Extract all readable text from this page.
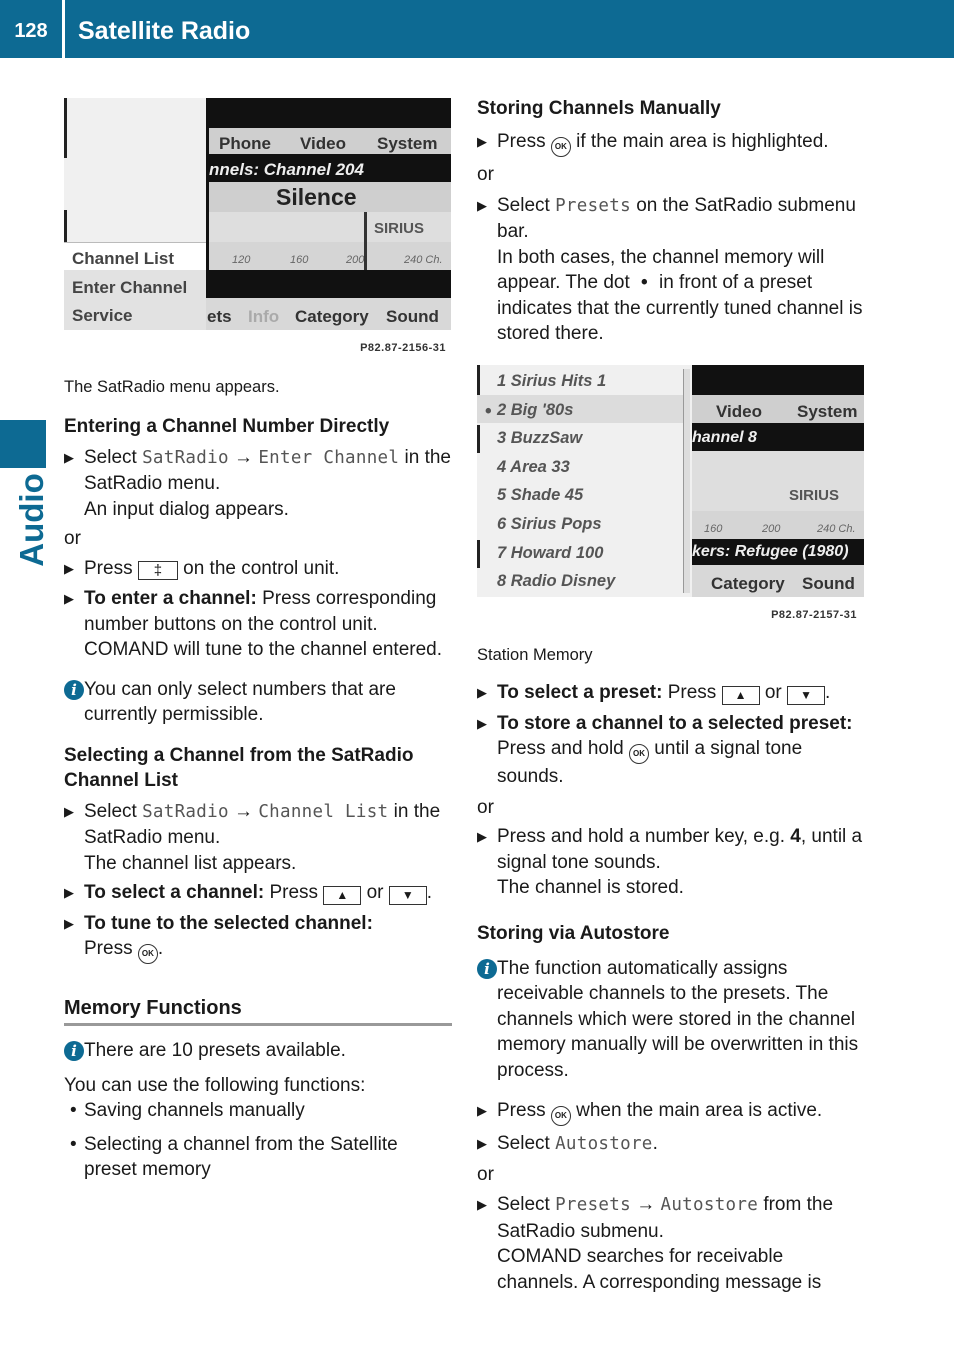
128	Satellite Radio
Audio
Phone Video System
nnels: Channel 204
Silence
SIRIUS
120	160	200	240 Ch.
Channel List
Enter Channel
Service	ets Info Category Sound
P82.87-2156-31

The SatRadio menu appears.

Entering a Channel Number Directly

▶ Select SatRadio → Enter Channel in the SatRadio menu.
An input dialog appears.

or

▶ Press ‡ on the control unit.
▶ To enter a channel: Press corresponding number buttons on the control unit. COMAND will tune to the channel entered.
i You can only select numbers that are currently permissible.

Selecting a Channel from the SatRadio Channel List

▶ Select SatRadio → Channel List in the SatRadio menu.
The channel list appears.
▶ To select a channel: Press ▲ or ▼ .
▶ To tune to the selected channel:
Press OK .
Memory Functions
i There are 10 presets available.

You can use the following functions:

• Saving channels manually
• Selecting a channel from the Satellite preset memory

Storing Channels Manually

▶ Press OK if the main area is highlighted.

or

▶ Select Presets on the SatRadio submenu bar.
In both cases, the channel memory will appear. The dot • in front of a preset indicates that the currently tuned channel is stored there.
1 Sirius Hits 1
• 2 Big '80s
3 BuzzSaw
4 Area 33
5 Shade 45
6 Sirius Pops
7 Howard 100
8 Radio Disney
Video System
hannel 8
SIRIUS
160	200	240 Ch.
kers: Refugee (1980)
Category Sound
P82.87-2157-31

Station Memory

▶ To select a preset: Press ▲ or ▼ .
▶ To store a channel to a selected preset:
Press and hold OK until a signal tone sounds.

or

▶ Press and hold a number key, e.g. 4, until a signal tone sounds.
The channel is stored.

Storing via Autostore

i The function automatically assigns receivable channels to the presets. The channels which were stored in the channel memory manually will be overwritten in this process.

▶ Press OK when the main area is active.
▶ Select Autostore.

or

▶ Select Presets → Autostore from the SatRadio submenu.
COMAND searches for receivable channels. A corresponding message is
